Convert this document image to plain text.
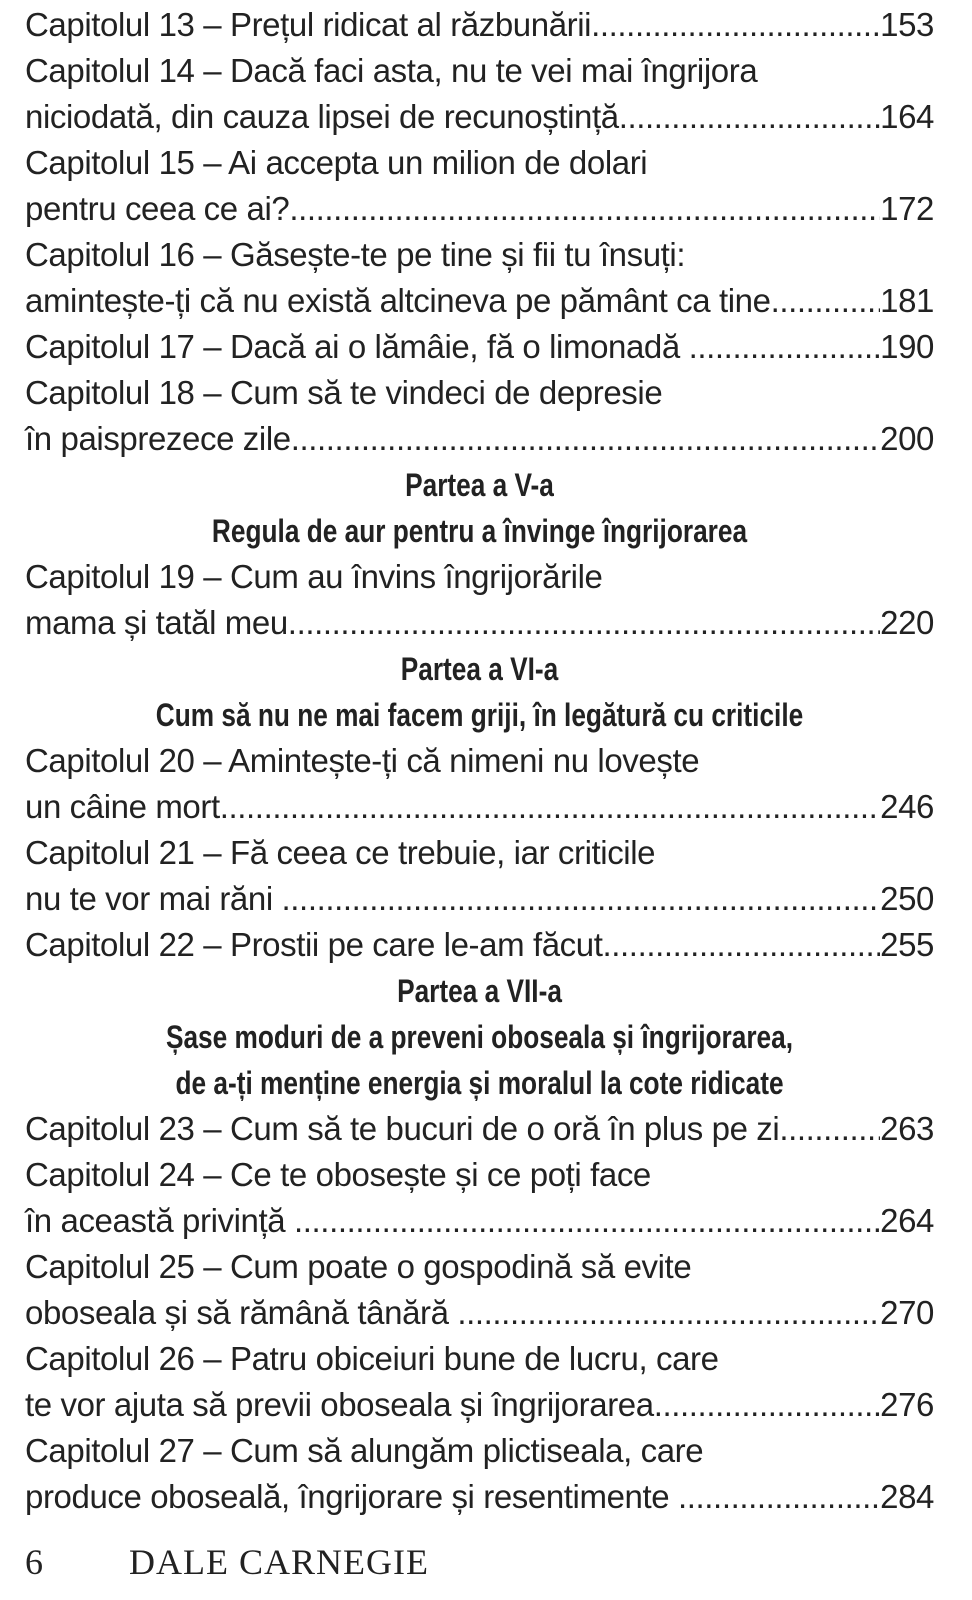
Capitolul 13 – Prețul ridicat al răzbunării .....	153
Capitolul 14 – Dacă faci asta, nu te vei mai îngrijora
niciodată, din cauza lipsei de recunoștință .....	164
Capitolul 15 – Ai accepta un milion de dolari
pentru ceea ce ai? .....	172
Capitolul 16 – Găsește-te pe tine și fii tu însuți:
amintește-ți că nu există altcineva pe pământ ca tine .....	181
Capitolul 17 – Dacă ai o lămâie, fă o limonadă .....	190
Capitolul 18 – Cum să te vindeci de depresie
în paisprezece zile .....	200
Partea a V-a
Regula de aur pentru a învinge îngrijorarea
Capitolul 19 – Cum au învins îngrijorările
mama și tatăl meu .....	220
Partea a VI-a
Cum să nu ne mai facem griji, în legătură cu criticile
Capitolul 20 – Amintește-ți că nimeni nu lovește
un câine mort .....	246
Capitolul 21 – Fă ceea ce trebuie, iar criticile
nu te vor mai răni .....	250
Capitolul 22 – Prostii pe care le-am făcut .....	255
Partea a VII-a
Șase moduri de a preveni oboseala și îngrijorarea,
de a-ți menține energia și moralul la cote ridicate
Capitolul 23 – Cum să te bucuri de o oră în plus pe zi .....	263
Capitolul 24 – Ce te obosește și ce poți face
în această privință .....	264
Capitolul 25 – Cum poate o gospodină să evite
oboseala și să rămână tânără .....	270
Capitolul 26 – Patru obiceiuri bune de lucru, care
te vor ajuta să previi oboseala și îngrijorarea .....	276
Capitolul 27 – Cum să alungăm plictiseala, care
produce oboseală, îngrijorare și resentimente .....	284
6 DALE CARNEGIE
